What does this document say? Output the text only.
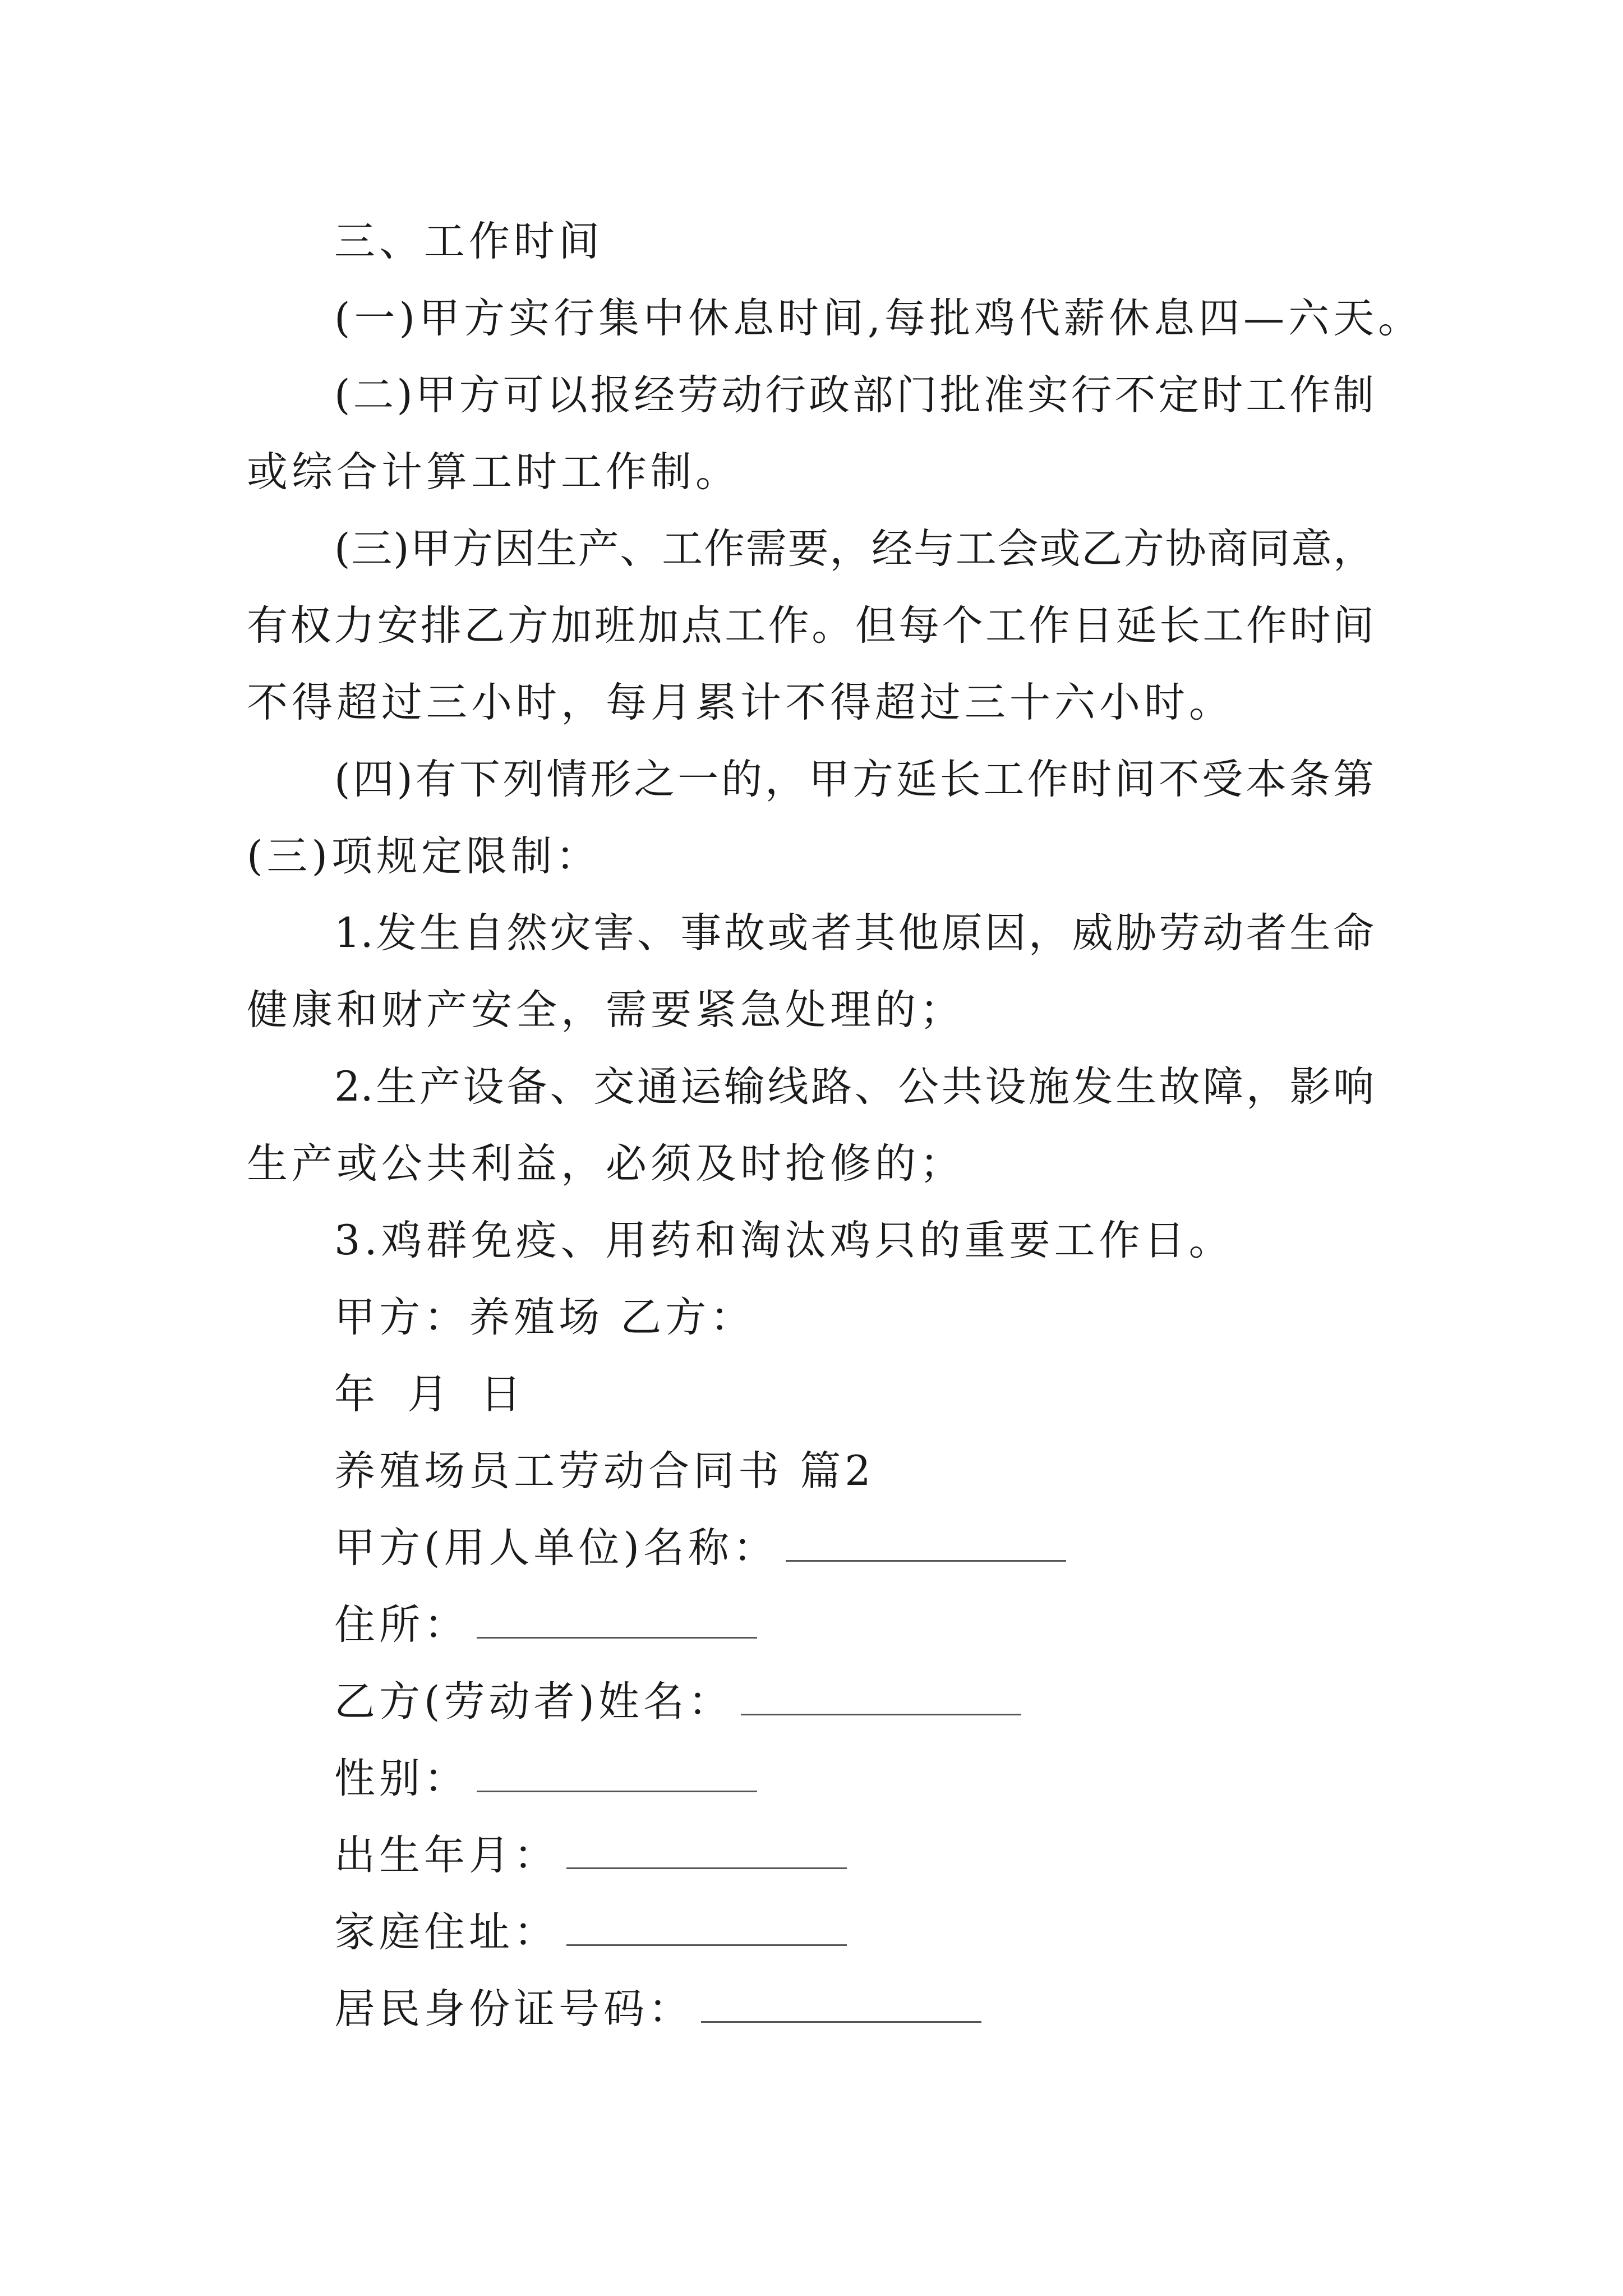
三、工作时间
(一)甲方实行集中休息时间,每批鸡代薪休息四—六天。
(二)甲方可以报经劳动行政部门批准实行不定时工作制
或综合计算工时工作制。
(三)甲方因生产、工作需要，经与工会或乙方协商同意，
有权力安排乙方加班加点工作。但每个工作日延长工作时间
不得超过三小时，每月累计不得超过三十六小时。
(四)有下列情形之一的，甲方延长工作时间不受本条第
(三)项规定限制：
1.发生自然灾害、事故或者其他原因，威胁劳动者生命
健康和财产安全，需要紧急处理的；
2.生产设备、交通运输线路、公共设施发生故障，影响
生产或公共利益，必须及时抢修的；
3.鸡群免疫、用药和淘汰鸡只的重要工作日。
甲方：养殖场 乙方：
年 月 日
养殖场员工劳动合同书 篇2
甲方(用人单位)名称：
住所：
乙方(劳动者)姓名：
性别：
出生年月：
家庭住址：
居民身份证号码：
